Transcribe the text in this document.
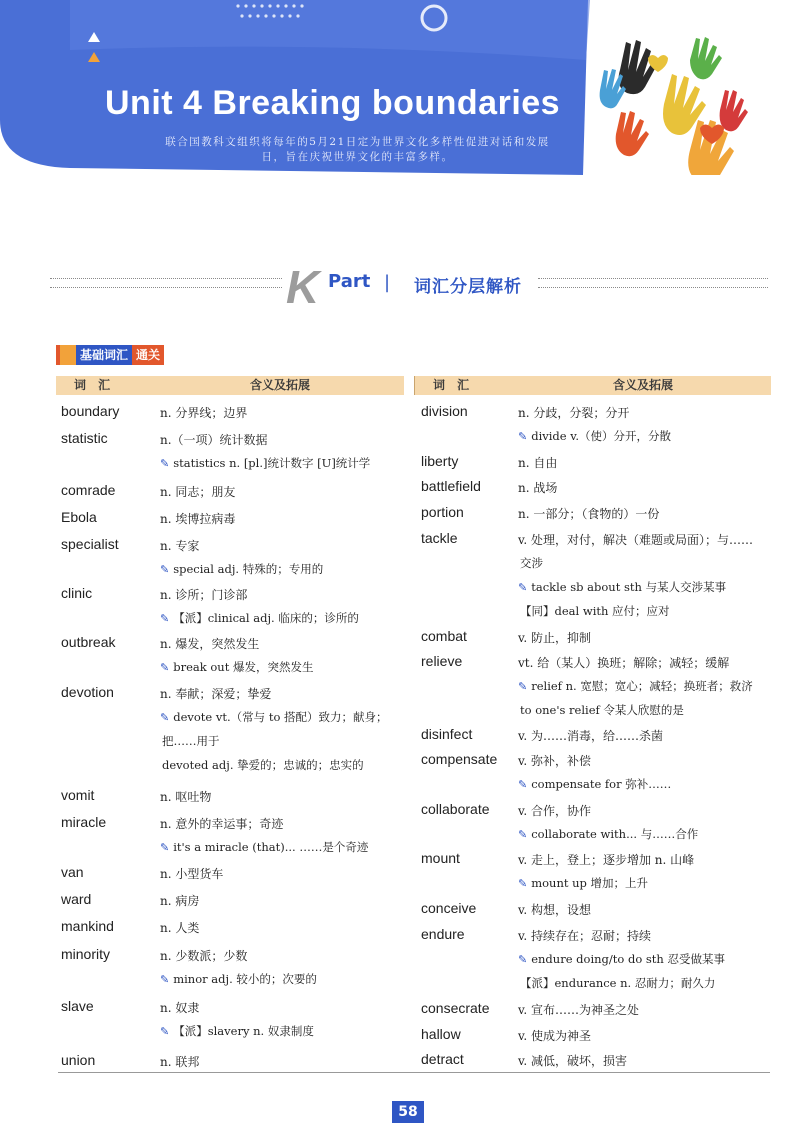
Unit 4 Breaking boundaries
联合国教科文组织将每年的5月21日定为世界文化多样性促进对话和发展日，旨在庆祝世界文化的丰富多样。
K Part | 词汇分层解析
基础词汇 通关
词 汇	含义及拓展
boundary	n. 分界线；边界
statistic	n.（一项）统计数据
✎ statistics n. [pl.]统计数字 [U]统计学
comrade	n. 同志；朋友
Ebola	n. 埃博拉病毒
specialist	n. 专家
✎ special adj. 特殊的；专用的
clinic	n. 诊所；门诊部
✎ 【派】clinical adj. 临床的；诊所的
outbreak	n. 爆发，突然发生
✎ break out 爆发，突然发生
devotion	n. 奉献；深爱；挚爱
✎ devote vt.（常与 to 搭配）致力；献身；
把……用于
devoted adj. 挚爱的；忠诚的；忠实的
vomit	n. 呕吐物
miracle	n. 意外的幸运事；奇迹
✎ it's a miracle (that)... ……是个奇迹
van	n. 小型货车
ward	n. 病房
mankind	n. 人类
minority	n. 少数派；少数
✎ minor adj. 较小的；次要的
slave	n. 奴隶
✎ 【派】slavery n. 奴隶制度
union	n. 联邦
词 汇	含义及拓展
division	n. 分歧，分裂；分开
✎ divide v.（使）分开，分散
liberty	n. 自由
battlefield	n. 战场
portion	n. 一部分；（食物的）一份
tackle	v. 处理，对付，解决（难题或局面）；与……
交涉
✎ tackle sb about sth 与某人交涉某事
【同】deal with 应付；应对
combat	v. 防止，抑制
relieve	vt. 给（某人）换班；解除；减轻；缓解
✎ relief n. 宽慰；宽心；减轻；换班者；救济
to one's relief 令某人欣慰的是
disinfect	v. 为……消毒，给……杀菌
compensate v. 弥补，补偿
✎ compensate for 弥补……
collaborate v. 合作，协作
✎ collaborate with... 与……合作
mount	v. 走上，登上；逐步增加 n. 山峰
✎ mount up 增加；上升
conceive	v. 构想，设想
endure	v. 持续存在；忍耐；持续
✎ endure doing/to do sth 忍受做某事
【派】endurance n. 忍耐力；耐久力
consecrate v. 宣布……为神圣之处
hallow	v. 使成为神圣
detract	v. 减低，破坏，损害
58
